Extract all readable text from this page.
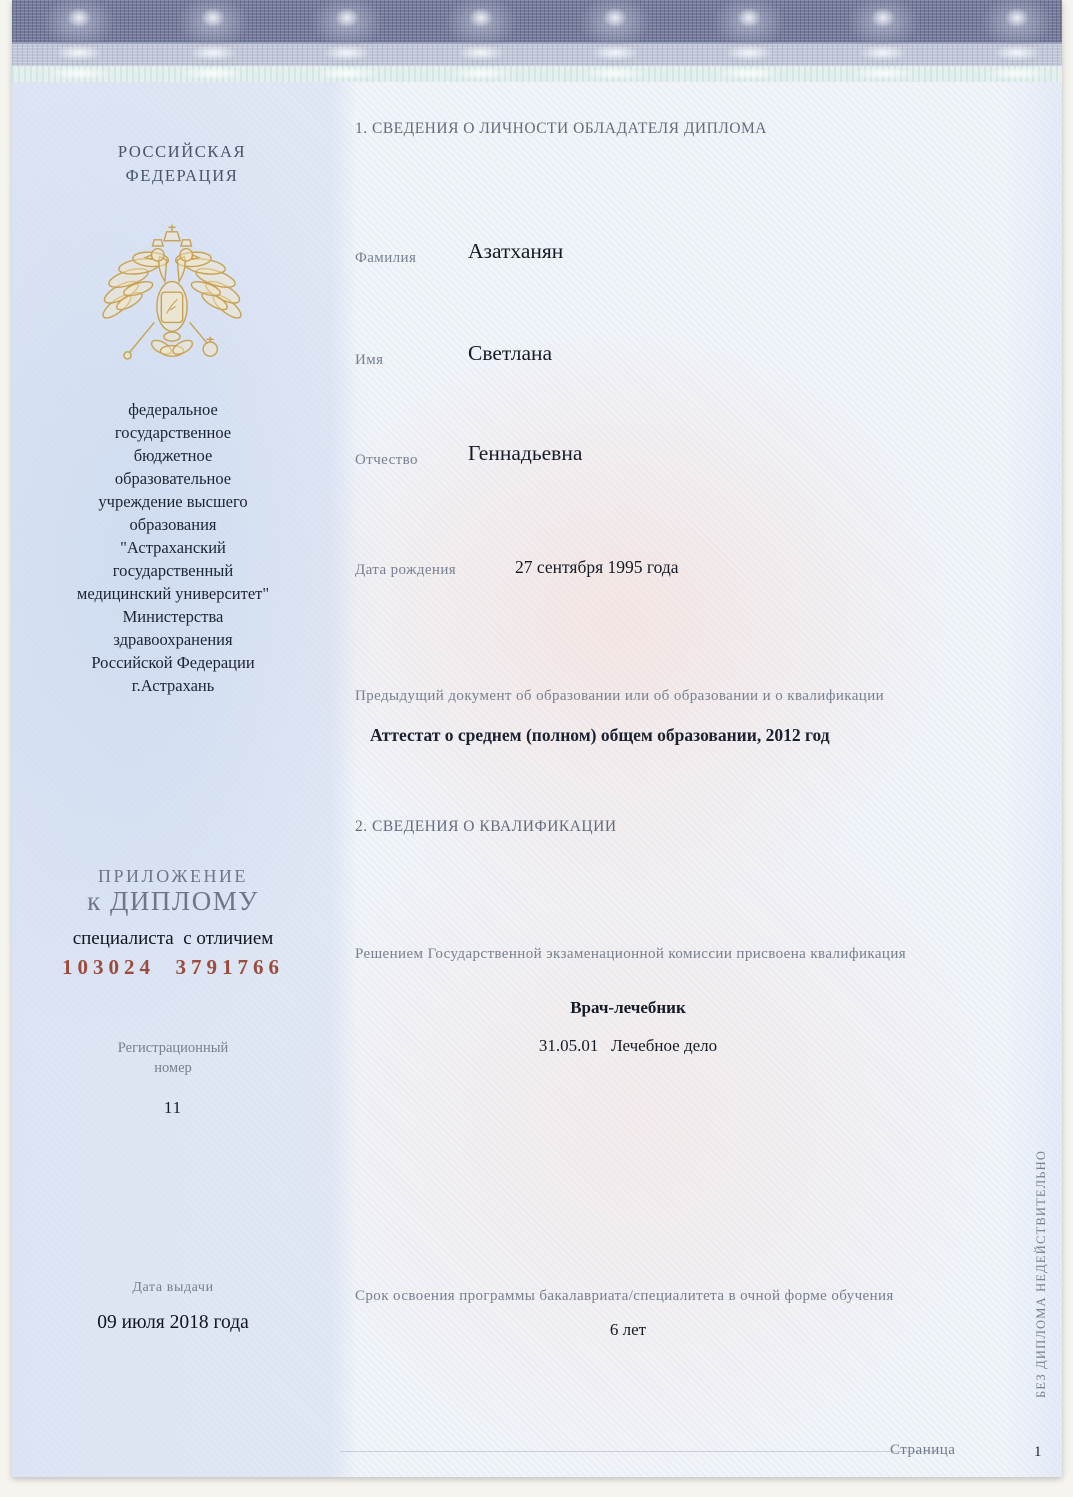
РОССИЙСКАЯ
ФЕДЕРАЦИЯ
федеральное
государственное
бюджетное
образовательное
учреждение высшего
образования
"Астраханский
государственный
медицинский университет"
Министерства
здравоохранения
Российской Федерации
г.Астрахань
ПРИЛОЖЕНИЕ
к ДИПЛОМУ
специалиста  с отличием
103024  3791766
Регистрационный
номер
11
Дата выдачи
09 июля 2018 года
1. СВЕДЕНИЯ О ЛИЧНОСТИ ОБЛАДАТЕЛЯ ДИПЛОМА
Фамилия Азатханян
Имя	Светлана
Отчество Геннадьевна
Дата рождения	27 сентября 1995 года
Предыдущий документ об образовании или об образовании и о квалификации
Аттестат о среднем (полном) общем образовании, 2012 год
2. СВЕДЕНИЯ О КВАЛИФИКАЦИИ
Решением Государственной экзаменационной комиссии присвоена квалификация
Врач-лечебник
31.05.01   Лечебное дело
Срок освоения программы бакалавриата/специалитета в очной форме обучения
6 лет
Страница	1
БЕЗ ДИПЛОМА НЕДЕЙСТВИТЕЛЬНО
